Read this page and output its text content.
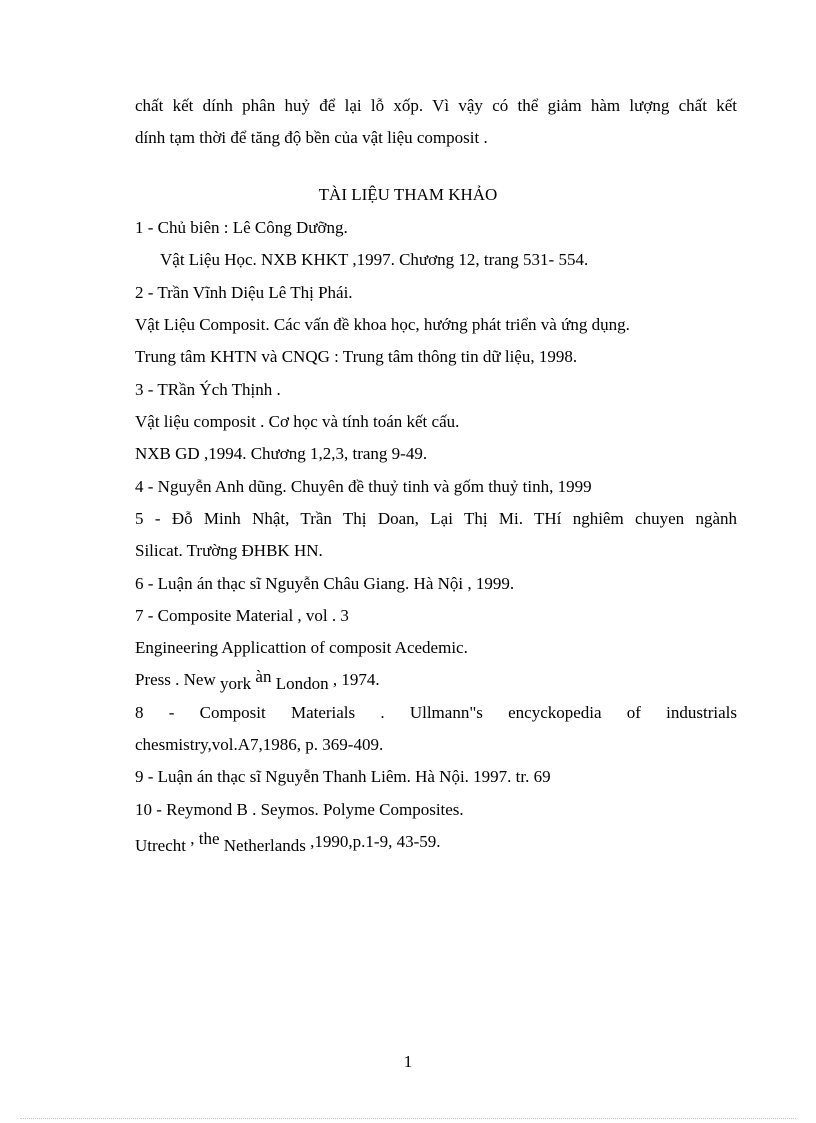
chất kết dính phân huỷ để lại lỗ xốp. Vì vậy có thể giảm hàm lượng chất kết
dính tạm thời để tăng độ bền của vật liệu composit .
TÀI LIỆU THAM KHẢO
1 - Chủ biên : Lê Công Dưỡng.
Vật Liệu Học. NXB KHKT ,1997. Chương 12, trang 531- 554.
2 - Trần Vĩnh Diệu Lê Thị Phái.
Vật Liệu Composit. Các vấn đề khoa học, hướng phát triển và ứng dụng.
Trung tâm KHTN và CNQG : Trung tâm thông tin dữ liệu, 1998.
3 - TRần Ých Thịnh .
Vật liệu composit . Cơ học và tính toán kết cấu.
NXB GD ,1994. Chương 1,2,3, trang 9-49.
4 - Nguyễn Anh dũng. Chuyên đề thuỷ tinh và gốm thuỷ tinh, 1999
5 - Đỗ Minh Nhật, Trần Thị Doan, Lại Thị Mi. THí nghiêm chuyen ngành
Silicat. Trường ĐHBK HN.
6 - Luận án thạc sĩ Nguyễn Châu Giang. Hà Nội , 1999.
7 - Composite Material , vol . 3
Engineering Applicattion of composit Acedemic.
Press . New york àn London , 1974.
8 - Composit Materials . Ullmann"s encyckopedia of industrials
chesmistry,vol.A7,1986, p. 369-409.
9 - Luận án thạc sĩ Nguyễn Thanh Liêm. Hà Nội. 1997. tr. 69
10 - Reymond B . Seymos. Polyme Composites.
Utrecht , the Netherlands ,1990,p.1-9, 43-59.
1
